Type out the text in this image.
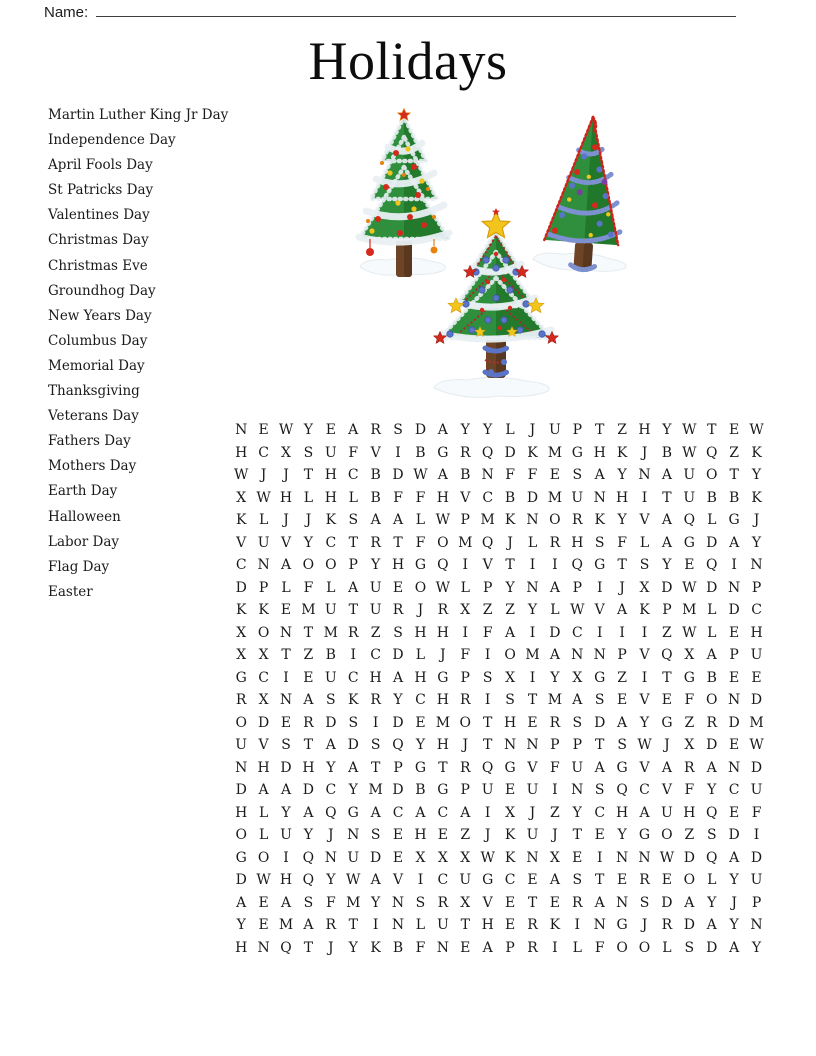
Name:
Holidays
Martin Luther King Jr Day
Independence Day
April Fools Day
St Patricks Day
Valentines Day
Christmas Day
Christmas Eve
Groundhog Day
New Years Day
Columbus Day
Memorial Day
Thanksgiving
Veterans Day
Fathers Day
Mothers Day
Earth Day
Halloween
Labor Day
Flag Day
Easter
N E W Y E A R S D A Y Y L	J U P T Z H Y W T E W
H C X S U F V	I	B G R Q D K M G H K	J	B W Q Z K
W J	J	T H C B D W A B N F F E S A Y N A U O T Y
X W H L H L B F F H V C B D M U N H I	T U B B K
K L	J	J	K S A A L W P M K N O R K Y V A Q L G	J
V U V Y C T R T F O M Q J	L R H S F L A G D A Y
C N A O O P Y H G Q I	V T	I	I Q G T S Y E Q I N
D P L F L A U E O W L P Y N A P	I	J	X D W D N P
K K E M U T U R	J	R X Z Z Y L W V A K P M L D C
X O N T M R Z S H H I	F A	I	D C	I	I	I	Z W L E H
X X T Z B	I	C D L	J	F	I O M A N N P V Q X A P U
G C	I	E U C H A H G P S X	I	Y X G Z	I	T G B E E
R X N A S K R Y C H R	I	S T M A S E V E F O N D
O D E R D S	I	D E M O T H E R S D A Y G Z R D M
U V S T A D S Q Y H J	T N N P P T S W J	X D E W
N H D H Y A T P G T R Q G V F U A G V A R A N D
D A A D C Y M D B G P U E U I N S Q C V F Y C U
H L Y A Q G A C A C A	I	X	J	Z Y C H A U H Q E F
O L U Y	J N S E H E Z	J	K U J	T E Y G O Z S D	I
G O I Q N U D E X X X W K N X E	I N N W D Q A D
D W H Q Y W A V	I	C U G C E A S T E R E O L Y U
A E A S F M Y N S R X V E T E R A N S D A Y	J	P
Y E M A R T	I N L U T H E R K	I N G	J	R D A Y N
H N Q T	J	Y K B F N E A P R	I	L F O O L S D A Y
